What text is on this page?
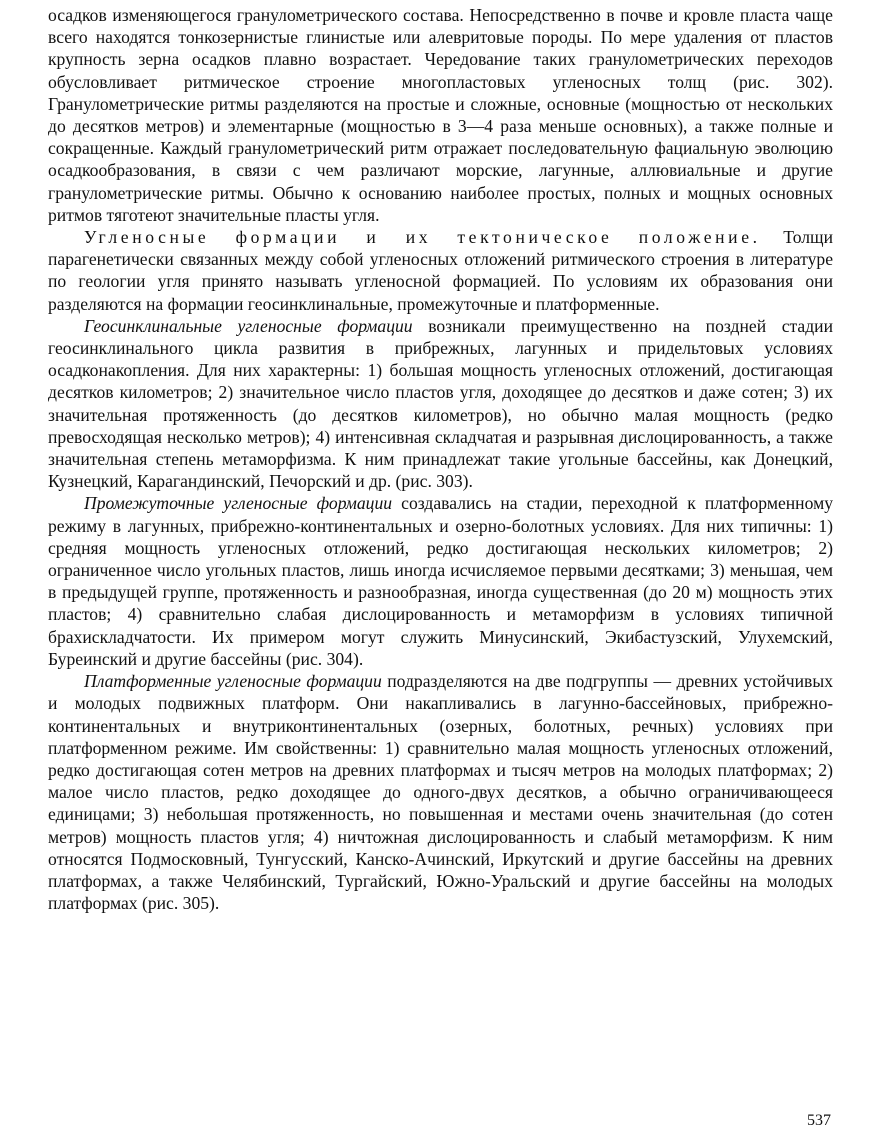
осадков изменяющегося гранулометрического состава. Непосредственно в почве и кровле пласта чаще всего находятся тонкозернистые глинистые или алевритовые породы. По мере удаления от пластов крупность зерна осадков плавно возрастает. Чередование таких гранулометрических переходов обусловливает ритмическое строение многопластовых угленосных толщ (рис. 302). Гранулометрические ритмы разделяются на простые и сложные, основные (мощностью от нескольких до десятков метров) и элементарные (мощностью в 3—4 раза меньше основных), а также полные и сокращенные. Каждый гранулометрический ритм отражает последовательную фациальную эволюцию осадкообразования, в связи с чем различают морские, лагунные, аллювиальные и другие гранулометрические ритмы. Обычно к основанию наиболее простых, полных и мощных основных ритмов тяготеют значительные пласты угля.

Угленосные формации и их тектоническое положение. Толщи парагенетически связанных между собой угленосных отложений ритмического строения в литературе по геологии угля принято называть угленосной формацией. По условиям их образования они разделяются на формации геосинклинальные, промежуточные и платформенные.

Геосинклинальные угленосные формации возникали преимущественно на поздней стадии геосинклинального цикла развития в прибрежных, лагунных и придельтовых условиях осадконакопления. Для них характерны: 1) большая мощность угленосных отложений, достигающая десятков километров; 2) значительное число пластов угля, доходящее до десятков и даже сотен; 3) их значительная протяженность (до десятков километров), но обычно малая мощность (редко превосходящая несколько метров); 4) интенсивная складчатая и разрывная дислоцированность, а также значительная степень метаморфизма. К ним принадлежат такие угольные бассейны, как Донецкий, Кузнецкий, Карагандинский, Печорский и др. (рис. 303).

Промежуточные угленосные формации создавались на стадии, переходной к платформенному режиму в лагунных, прибрежно-континентальных и озерно-болотных условиях. Для них типичны: 1) средняя мощность угленосных отложений, редко достигающая нескольких километров; 2) ограниченное число угольных пластов, лишь иногда исчисляемое первыми десятками; 3) меньшая, чем в предыдущей группе, протяженность и разнообразная, иногда существенная (до 20 м) мощность этих пластов; 4) сравнительно слабая дислоцированность и метаморфизм в условиях типичной брахискладчатости. Их примером могут служить Минусинский, Экибастузский, Улухемский, Буреинский и другие бассейны (рис. 304).

Платформенные угленосные формации подразделяются на две подгруппы — древних устойчивых и молодых подвижных платформ. Они накапливались в лагунно-бассейновых, прибрежно-континентальных и внутриконтинентальных (озерных, болотных, речных) условиях при платформенном режиме. Им свойственны: 1) сравнительно малая мощность угленосных отложений, редко достигающая сотен метров на древних платформах и тысяч метров на молодых платформах; 2) малое число пластов, редко доходящее до одного-двух десятков, а обычно ограничивающееся единицами; 3) небольшая протяженность, но повышенная и местами очень значительная (до сотен метров) мощность пластов угля; 4) ничтожная дислоцированность и слабый метаморфизм. К ним относятся Подмосковный, Тунгусский, Канско-Ачинский, Иркутский и другие бассейны на древних платформах, а также Челябинский, Тургайский, Южно-Уральский и другие бассейны на молодых платформах (рис. 305).

537
